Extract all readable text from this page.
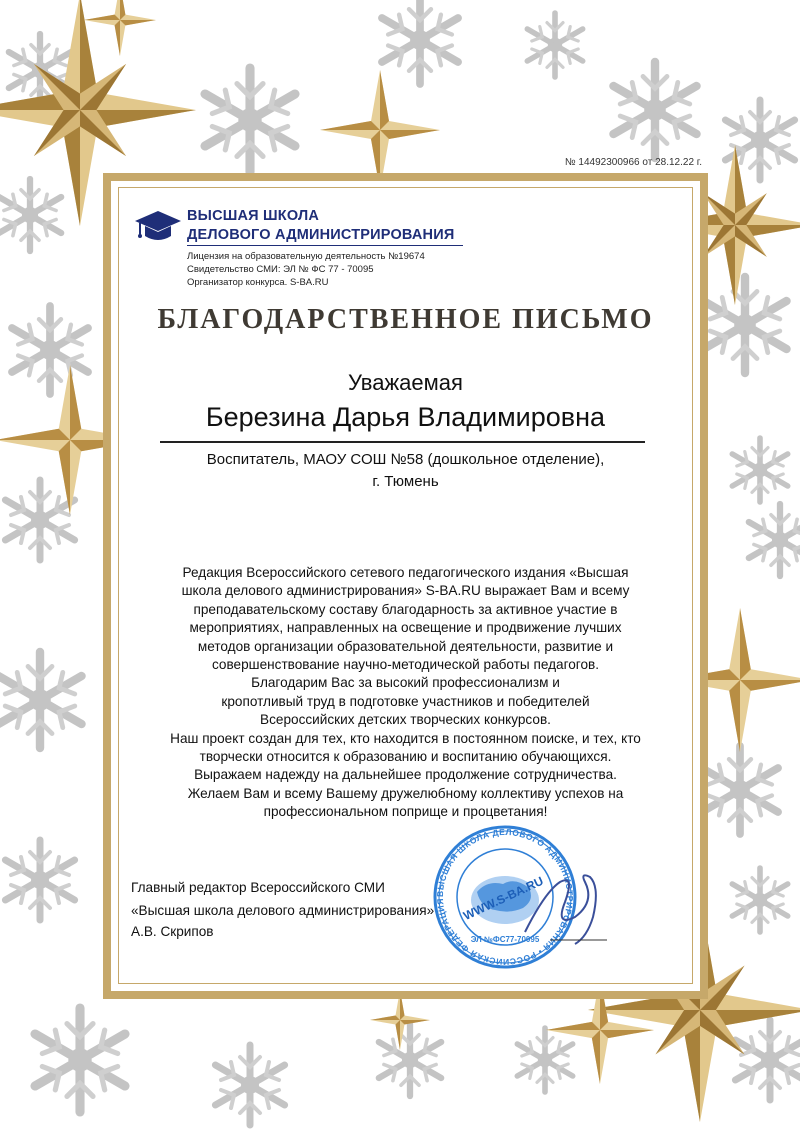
№ 14492300966 от 28.12.22 г.
ВЫСШАЯ ШКОЛА
ДЕЛОВОГО АДМИНИСТРИРОВАНИЯ
Лицензия на образовательную деятельность №19674
Свидетельство СМИ: ЭЛ № ФС 77 - 70095
Организатор конкурса. S-BA.RU
БЛАГОДАРСТВЕННОЕ ПИСЬМО
Уважаемая
Березина Дарья Владимировна
Воспитатель, МАОУ СОШ №58 (дошкольное отделение),
г. Тюмень
Редакция Всероссийского сетевого педагогического издания «Высшая
школа делового администрирования» S-BA.RU выражает Вам и всему
преподавательскому составу благодарность за активное участие в
мероприятиях, направленных на освещение и продвижение лучших
методов организации образовательной деятельности, развитие и
совершенствование научно-методической работы педагогов.
Благодарим Вас за высокий профессионализм и
кропотливый труд в подготовке участников и победителей
Всероссийских детских творческих конкурсов.
Наш проект создан для тех, кто находится в постоянном поиске, и тех, кто
творчески относится к образованию и воспитанию обучающихся.
Выражаем надежду на дальнейшее продолжение сотрудничества.
Желаем Вам и всему Вашему дружелюбному коллективу успехов на
профессиональном поприще и процветания!
Главный редактор Всероссийского СМИ
«Высшая школа делового администрирования»
А.В. Скрипов
ВЫСШАЯ ШКОЛА ДЕЛОВОГО АДМИНИСТРИРОВАНИЯ • РОССИЙСКАЯ ФЕДЕРАЦИЯ	WWW.S-BA.RU
ЭЛ №ФС77-70095
